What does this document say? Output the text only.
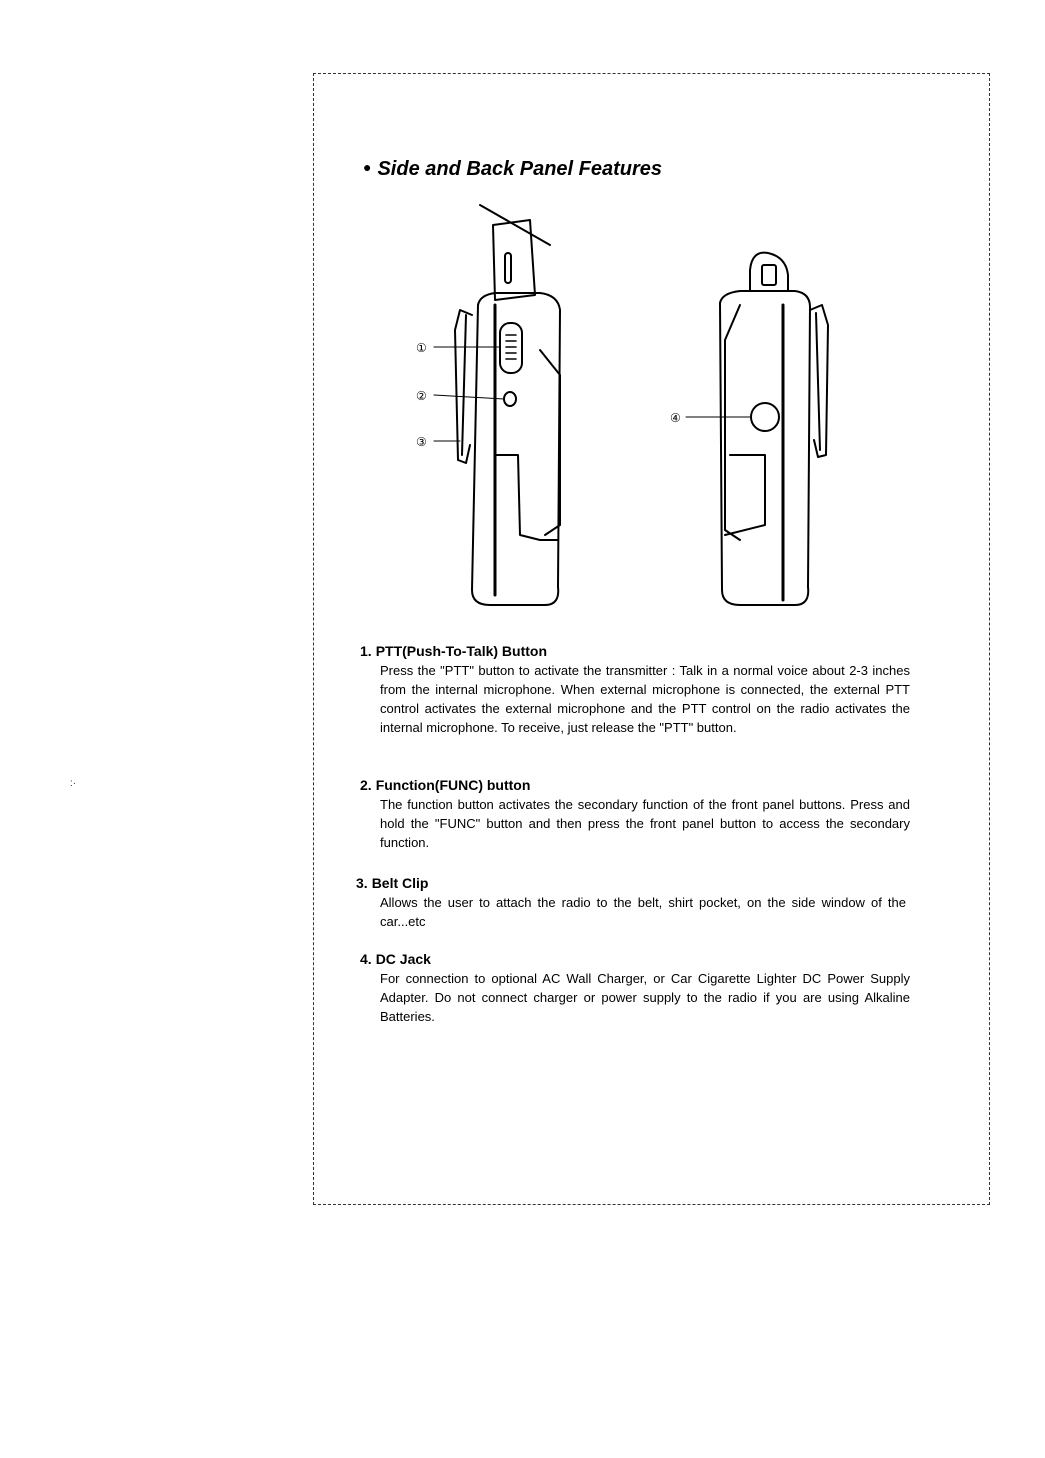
:·
● Side and Back Panel Features
①
②
③
④

1. PTT(Push-To-Talk) Button

Press the "PTT" button to activate the transmitter : Talk in a normal voice about 2-3 inches from the internal microphone. When external microphone is connected, the external PTT control activates the external microphone and the PTT control on the radio activates the internal microphone. To receive, just release the "PTT" button.

2. Function(FUNC) button

The function button activates the secondary function of the front panel buttons. Press and hold the "FUNC" button and then press the front panel button to access the secondary function.

3. Belt Clip

Allows the user to attach the radio to the belt, shirt pocket, on the side window of the car...etc

4. DC Jack

For connection to optional AC Wall Charger, or Car Cigarette Lighter DC Power Supply Adapter. Do not connect charger or power supply to the radio if you are using Alkaline Batteries.
